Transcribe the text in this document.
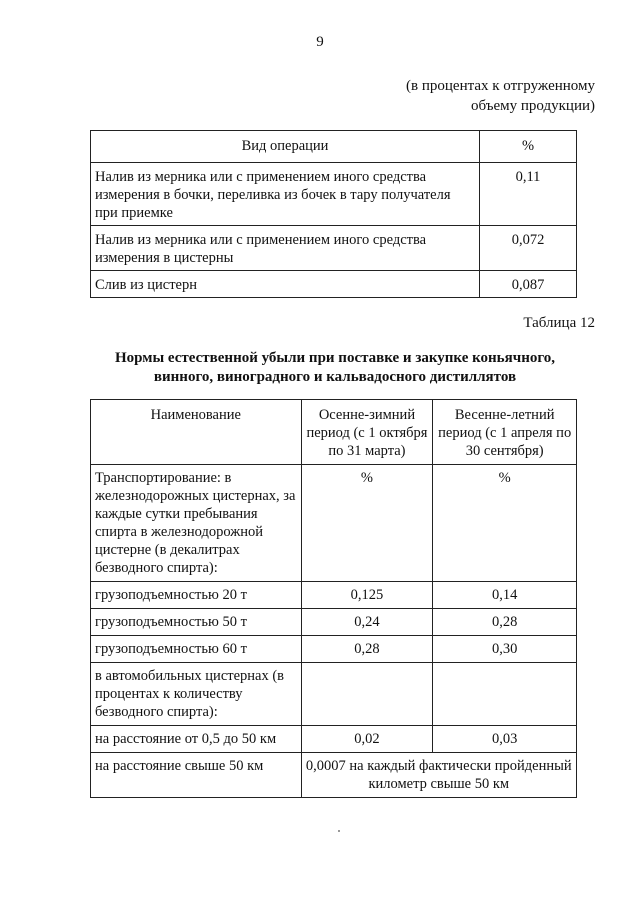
9
(в процентах к отгруженному
объему продукции)
Вид операции	%
Налив из мерника или с применением иного средства измерения в бочки, переливка из бочек в тару получателя при приемке	0,11
Налив из мерника или с применением иного средства измерения в цистерны	0,072
Слив из цистерн	0,087
Таблица 12
Нормы естественной убыли при поставке и закупке коньячного, винного, виноградного и кальвадосного дистиллятов
Наименование	Осенне-зимний период (с 1 октября по 31 марта)	Весенне-летний период (с 1 апреля по 30 сентября)
Транспортирование: в железнодорожных цистернах, за каждые сутки пребывания спирта в железнодорожной цистерне (в декалитрах безводного спирта):	%	%
грузоподъемностью 20 т	0,125	0,14
грузоподъемностью 50 т	0,24	0,28
грузоподъемностью 60 т	0,28	0,30
в автомобильных цистернах (в процентах к количеству безводного спирта):		
на расстояние от 0,5 до 50 км	0,02	0,03
на расстояние свыше 50 км	0,0007 на каждый фактически пройденный километр свыше 50 км	
